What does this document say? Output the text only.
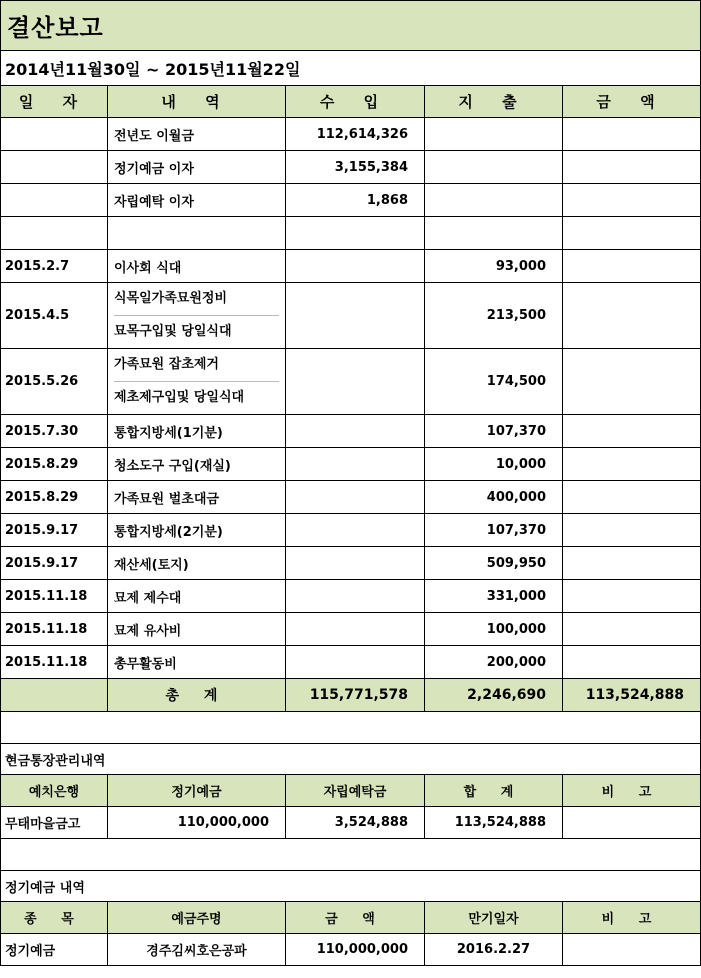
결산보고				
2014년11월30일 ~ 2015년11월22일				
일 자	내 역	수 입	지 출	금 액
	전년도 이월금	112,614,326		
	정기예금 이자	3,155,384		
	자립예탁 이자	1,868		

2015.2.7	이사회 식대		93,000	
2015.4.5	식목일가족묘원정비
묘목구입및 당일식대		213,500	
2015.5.26	가족묘원 잡초제거
제초제구입및 당일식대		174,500	
2015.7.30	통합지방세(1기분)		107,370	
2015.8.29	청소도구 구입(재실)		10,000	
2015.8.29	가족묘원 벌초대금		400,000	
2015.9.17	통합지방세(2기분)		107,370	
2015.9.17	재산세(토지)		509,950	
2015.11.18	묘제 제수대		331,000	
2015.11.18	묘제 유사비		100,000	
2015.11.18	총무활동비		200,000	
	총 계	115,771,578	2,246,690	113,524,888

현금통장관리내역				
예치은행	정기예금	자립예탁금	합 계	비 고
무태마을금고	110,000,000	3,524,888	113,524,888	

정기예금 내역				
종 목	예금주명	금 액	만기일자	비 고
정기예금	경주김씨호은공파	110,000,000	2016.2.27	
